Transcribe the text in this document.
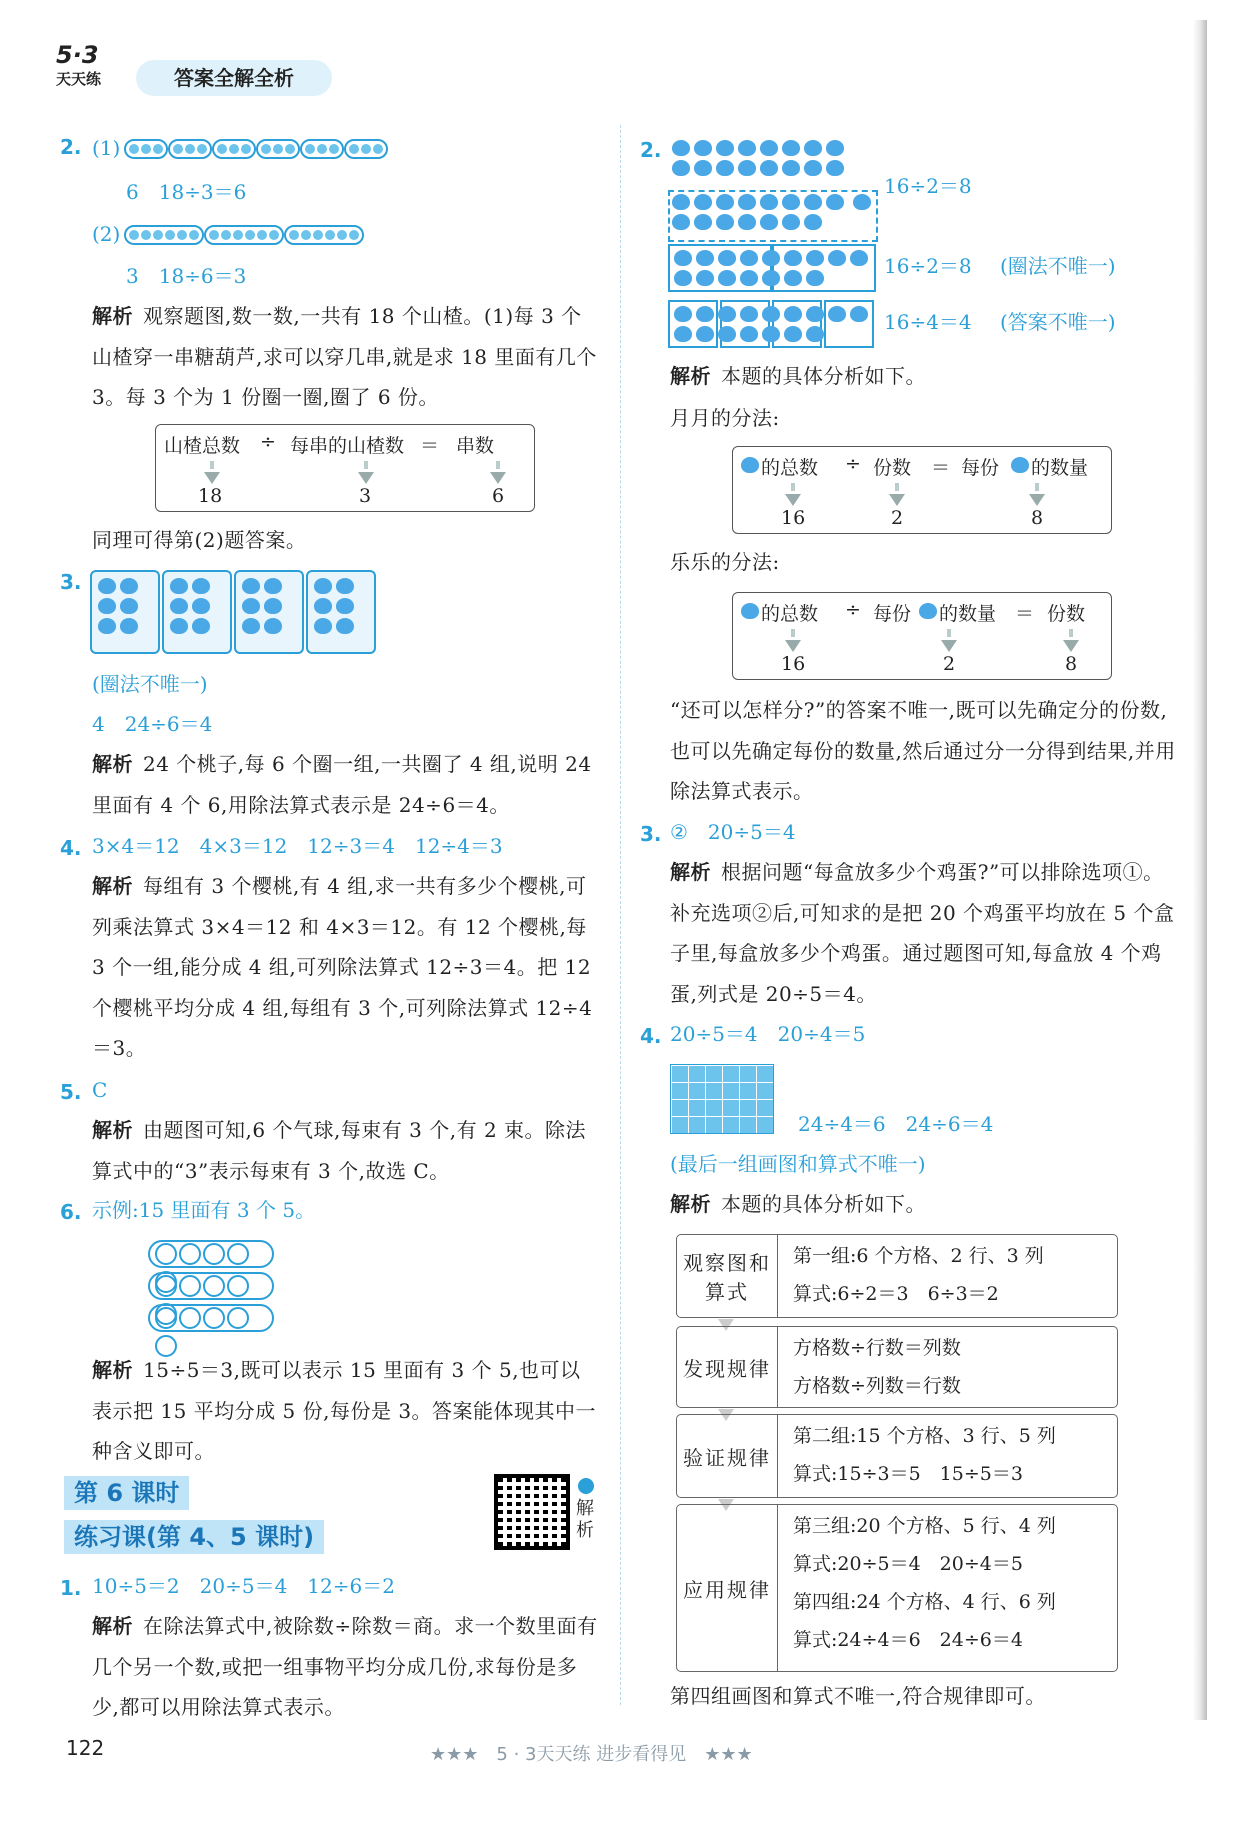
5·3
天天练	答案全解全析
2. (1)
6　18÷3＝6
(2)
3　18÷6＝3
解析 观察题图,数一数,一共有 18 个山楂。(1)每 3 个山楂穿一串糖葫芦,求可以穿几串,就是求 18 里面有几个 3。每 3 个为 1 份圈一圈,圈了 6 份。
山楂总数 ÷ 每串的山楂数 ＝ 串数
18	3	6
同理可得第(2)题答案。
3.
(圈法不唯一)
4　24÷6＝4
解析 24 个桃子,每 6 个圈一组,一共圈了 4 组,说明 24 里面有 4 个 6,用除法算式表示是 24÷6＝4。
4. 3×4＝12　4×3＝12　12÷3＝4　12÷4＝3
解析 每组有 3 个樱桃,有 4 组,求一共有多少个樱桃,可列乘法算式 3×4＝12 和 4×3＝12。有 12 个樱桃,每 3 个一组,能分成 4 组,可列除法算式 12÷3＝4。把 12 个樱桃平均分成 4 组,每组有 3 个,可列除法算式 12÷4＝3。
5. C
解析 由题图可知,6 个气球,每束有 3 个,有 2 束。除法算式中的“3”表示每束有 3 个,故选 C。
6. 示例:15 里面有 3 个 5。
解析 15÷5＝3,既可以表示 15 里面有 3 个 5,也可以表示把 15 平均分成 5 份,每份是 3。答案能体现其中一种含义即可。
第 6 课时
练习课(第 4、5 课时)
解析
1. 10÷5＝2　20÷5＝4　12÷6＝2
解析 在除法算式中,被除数÷除数＝商。求一个数里面有几个另一个数,或把一组事物平均分成几份,求每份是多少,都可以用除法算式表示。
2.

16÷2＝8
16÷2＝8 (圈法不唯一)
16÷4＝4 (答案不唯一)
解析 本题的具体分析如下。
月月的分法:
的总数 ÷ 份数 ＝ 每份 的数量
16	2	8
乐乐的分法:
的总数 ÷ 每份 的数量 ＝ 份数
16	2	8
“还可以怎样分?”的答案不唯一,既可以先确定分的份数,也可以先确定每份的数量,然后通过分一分得到结果,并用除法算式表示。
3. ②　20÷5＝4
解析 根据问题“每盒放多少个鸡蛋?”可以排除选项①。补充选项②后,可知求的是把 20 个鸡蛋平均放在 5 个盒子里,每盒放多少个鸡蛋。通过题图可知,每盒放 4 个鸡蛋,列式是 20÷5＝4。
4. 20÷5＝4　20÷4＝5
24÷4＝6　24÷6＝4
(最后一组画图和算式不唯一)
解析 本题的具体分析如下。
观察图和算式
第一组:6 个方格、2 行、3 列
算式:6÷2＝3　6÷3＝2
发现规律
方格数÷行数＝列数
方格数÷列数＝行数
验证规律
第二组:15 个方格、3 行、5 列
算式:15÷3＝5　15÷5＝3
应用规律
第三组:20 个方格、5 行、4 列
算式:20÷5＝4　20÷4＝5
第四组:24 个方格、4 行、6 列
算式:24÷4＝6　24÷6＝4
第四组画图和算式不唯一,符合规律即可。
122	★★★　5 · 3天天练 进步看得见　★★★
